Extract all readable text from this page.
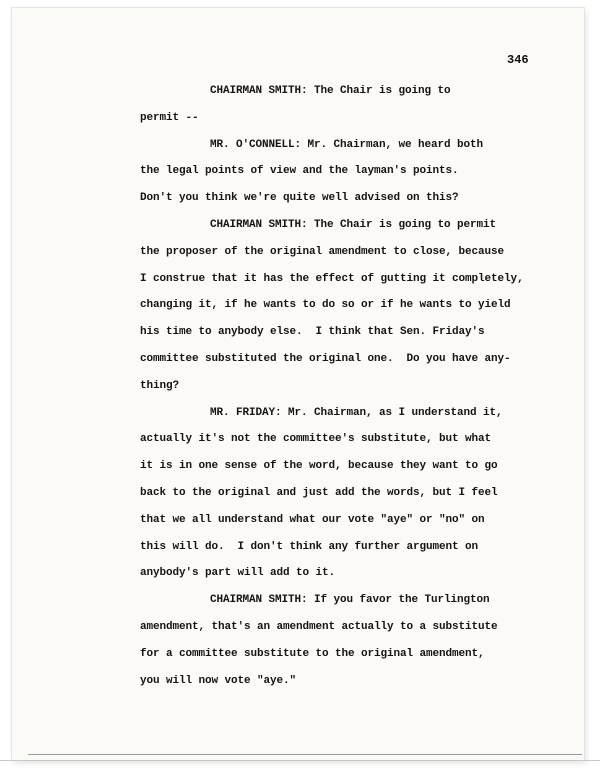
346

CHAIRMAN SMITH: The Chair is going to
permit --

MR. O'CONNELL: Mr. Chairman, we heard both
the legal points of view and the layman's points.
Don't you think we're quite well advised on this?

CHAIRMAN SMITH: The Chair is going to permit
the proposer of the original amendment to close, because
I construe that it has the effect of gutting it completely,
changing it, if he wants to do so or if he wants to yield
his time to anybody else.  I think that Sen. Friday's
committee substituted the original one.  Do you have any-
thing?

MR. FRIDAY: Mr. Chairman, as I understand it,
actually it's not the committee's substitute, but what
it is in one sense of the word, because they want to go
back to the original and just add the words, but I feel
that we all understand what our vote "aye" or "no" on
this will do.  I don't think any further argument on
anybody's part will add to it.

CHAIRMAN SMITH: If you favor the Turlington
amendment, that's an amendment actually to a substitute
for a committee substitute to the original amendment,
you will now vote "aye."
